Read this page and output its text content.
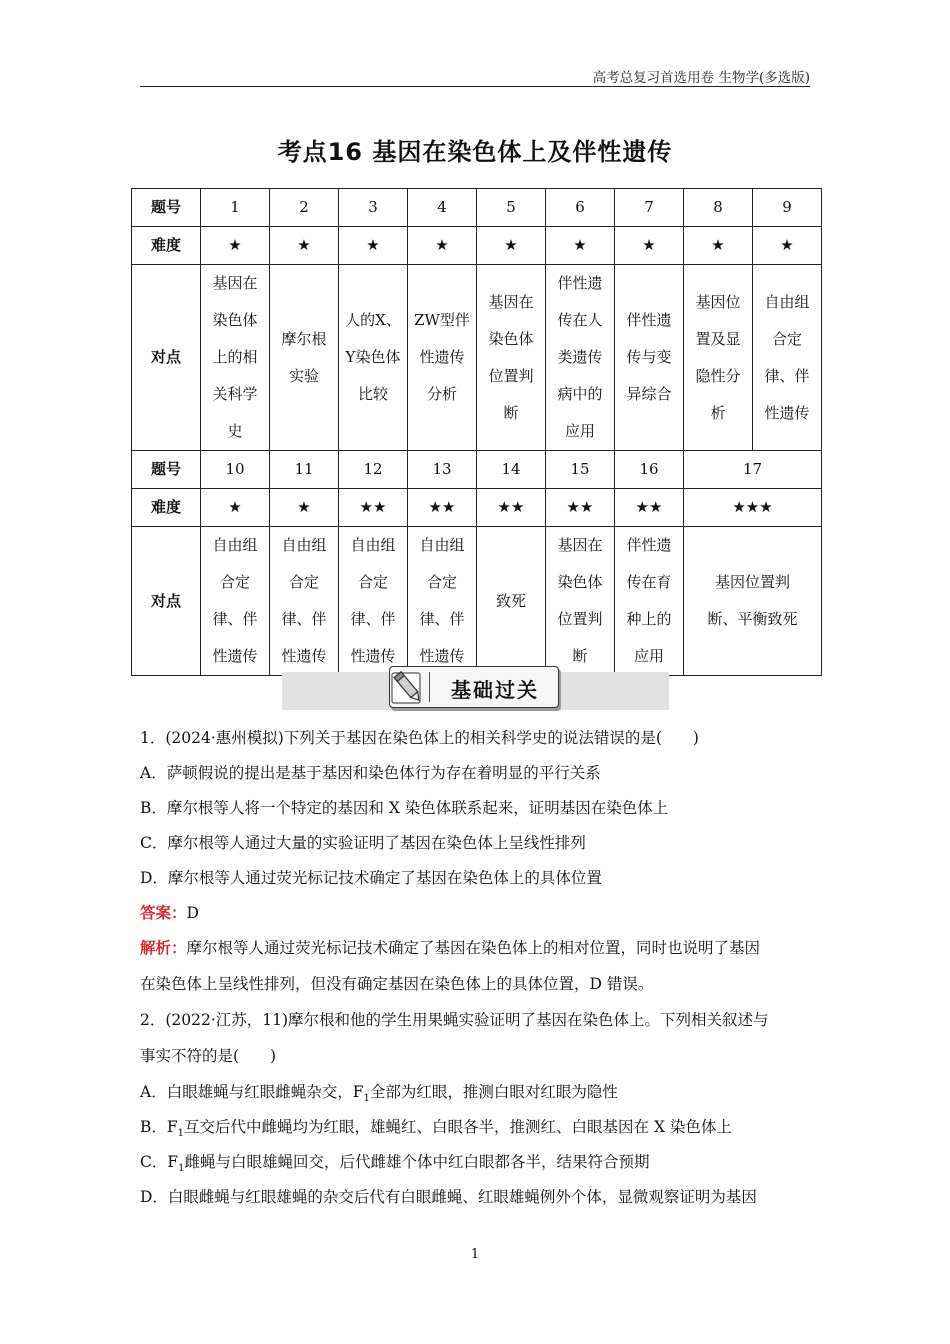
高考总复习首选用卷 生物学(多选版)
考点16 基因在染色体上及伴性遗传
题号	1	2	3	4	5	6	7	8	9
难度	★	★	★	★	★	★	★	★	★
对点	基因在染色体上的相关科学史	摩尔根实验	人的X、Y染色体比较	ZW型伴性遗传分析	基因在染色体位置判断	伴性遗传在人类遗传病中的应用	伴性遗传与变异综合	基因位置及显隐性分析	自由组合定律、伴性遗传
题号	10	11	12	13	14	15	16	17	
难度	★	★	★★	★★	★★	★★	★★	★★★	
对点	自由组合定律、伴性遗传	自由组合定律、伴性遗传	自由组合定律、伴性遗传	自由组合定律、伴性遗传	致死	基因在染色体位置判断	伴性遗传在育种上的应用	基因位置判断、平衡致死	
基础过关
1．(2024·惠州模拟)下列关于基因在染色体上的相关科学史的说法错误的是(　　)
A．萨顿假说的提出是基于基因和染色体行为存在着明显的平行关系
B．摩尔根等人将一个特定的基因和 X 染色体联系起来，证明基因在染色体上
C．摩尔根等人通过大量的实验证明了基因在染色体上呈线性排列
D．摩尔根等人通过荧光标记技术确定了基因在染色体上的具体位置
答案：D
解析：摩尔根等人通过荧光标记技术确定了基因在染色体上的相对位置，同时也说明了基因
在染色体上呈线性排列，但没有确定基因在染色体上的具体位置，D 错误。
2．(2022·江苏，11)摩尔根和他的学生用果蝇实验证明了基因在染色体上。下列相关叙述与
事实不符的是(　　)
A．白眼雄蝇与红眼雌蝇杂交，$F_1$全部为红眼，推测白眼对红眼为隐性
B．$F_1$互交后代中雌蝇均为红眼，雄蝇红、白眼各半，推测红、白眼基因在 X 染色体上
C．$F_1$雌蝇与白眼雄蝇回交，后代雌雄个体中红白眼都各半，结果符合预期
D．白眼雌蝇与红眼雄蝇的杂交后代有白眼雌蝇、红眼雄蝇例外个体，显微观察证明为基因
1
